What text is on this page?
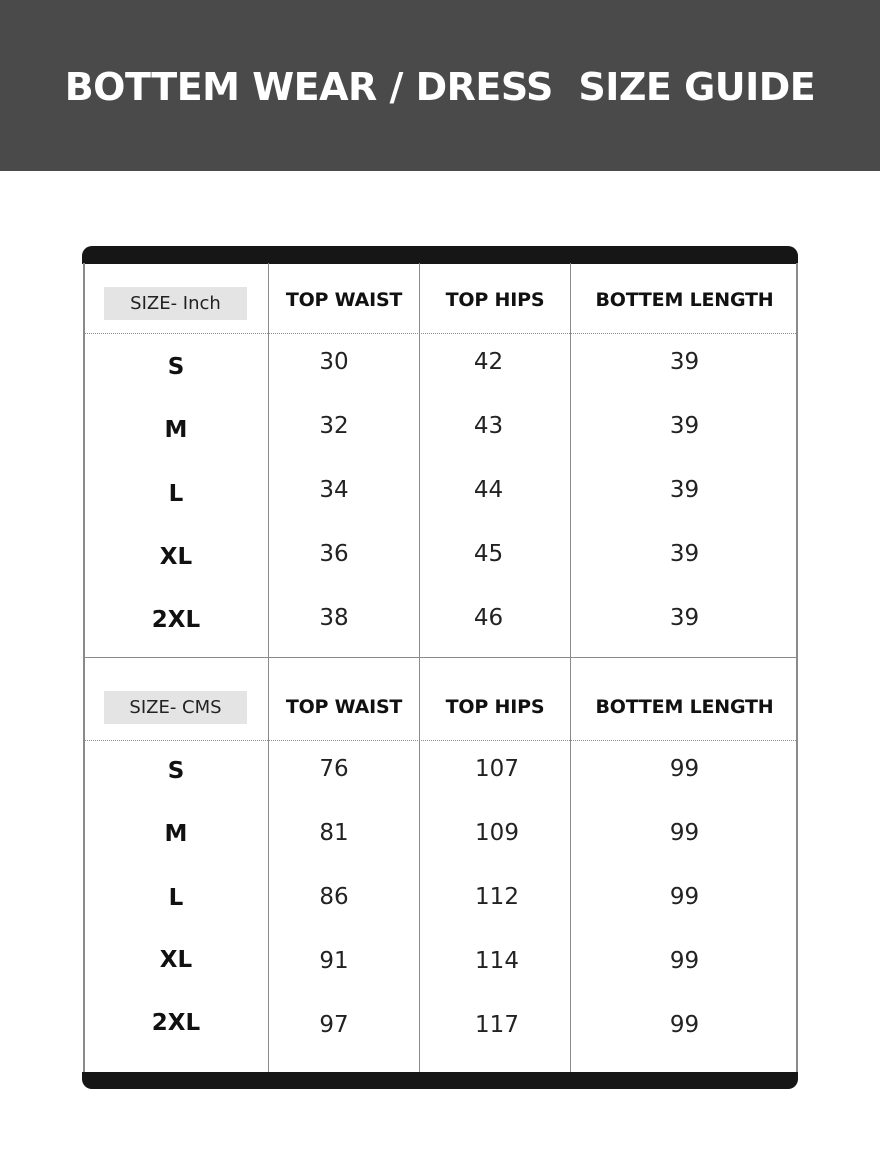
BOTTEM WEAR / DRESS  SIZE GUIDE
SIZE- Inch	TOP WAIST	TOP HIPS	BOTTEM LENGTH
S	30	42	39
M	32	43	39
L	34	44	39
XL	36	45	39
2XL	38	46	39
SIZE- CMS	TOP WAIST	TOP HIPS	BOTTEM LENGTH
S	76	107	99
M	81	109	99
L	86	112	99
XL	91	114	99
2XL	97	117	99
